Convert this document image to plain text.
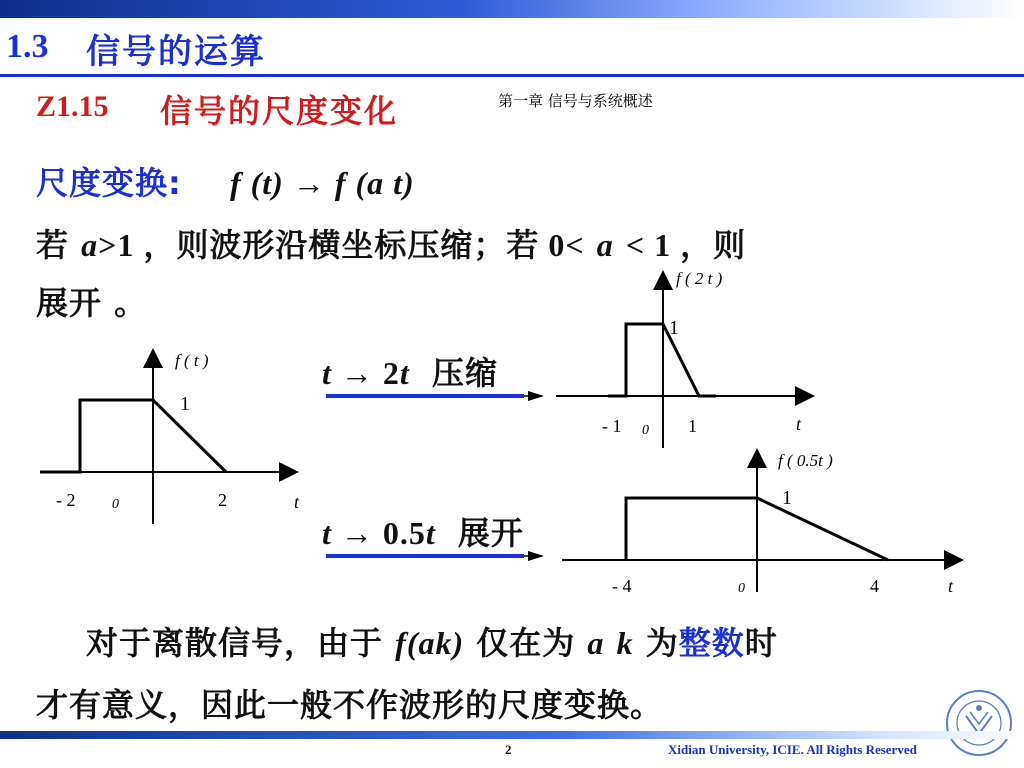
1.3 信号的运算
Z1.15 信号的尺度变化	第一章 信号与系统概述
尺度变换: f (t) → f (a t)
若 a>1 ，则波形沿横坐标压缩；若 0< a < 1 ，则
展开 。
f ( t )
1
- 2	0	2	t
t → 2t 压缩
f ( 2 t )
1
- 1 0 1	t
t → 0.5t 展开
f ( 0.5t )
1
- 4	0	4	t
对于离散信号，由于 f(ak) 仅在为 a k 为整数时
才有意义，因此一般不作波形的尺度变换。
2	Xidian University, ICIE. All Rights Reserved
